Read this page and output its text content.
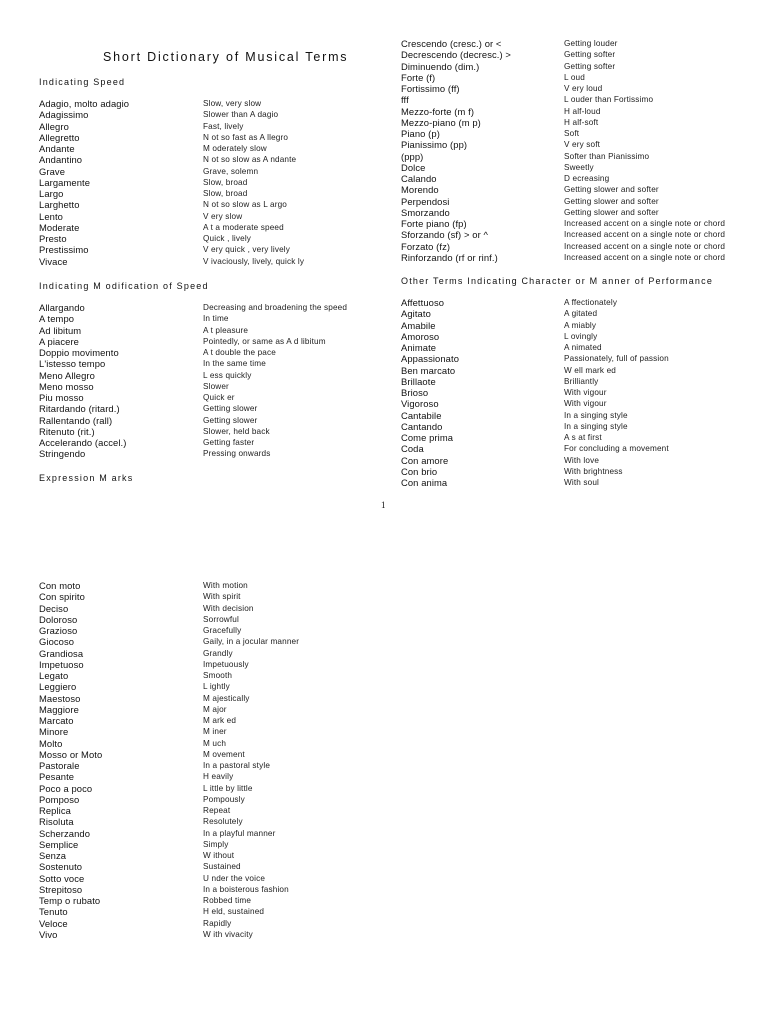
Short Dictionary of Musical Terms
Indicating Speed
Adagio, molto adagio	Slow, very slow
Adagissimo	Slower than A dagio
Allegro	Fast, lively
Allegretto	N ot so fast as A llegro
Andante	M oderately slow
Andantino	N ot so slow as A ndante
Grave	Grave, solemn
Largamente	Slow, broad
Largo	Slow, broad
Larghetto	N ot so slow as L argo
Lento	V ery slow
Moderate	A t a moderate speed
Presto	Quick , lively
Prestissimo	V ery quick , very lively
Vivace	V ivaciously, lively, quick ly
Indicating M odification of Speed
Allargando	Decreasing and broadening the speed
A tempo	In time
Ad libitum	A t pleasure
A piacere	Pointedly, or same as A d libitum
Doppio movimento	A t double the pace
L'istesso tempo	In the same time
Meno Allegro	L ess quickly
Meno mosso	Slower
Piu mosso	Quick er
Ritardando (ritard.)	Getting slower
Rallentando (rall)	Getting slower
Ritenuto (rit.)	Slower, held back
Accelerando (accel.)	Getting faster
Stringendo	Pressing onwards
Expression M arks
Crescendo (cresc.) or <	Getting louder
Decrescendo (decresc.) >	Getting softer
Diminuendo (dim.)	Getting softer
Forte (f)	L oud
Fortissimo (ff)	V ery loud
fff	L ouder than Fortissimo
Mezzo-forte (m f)	H alf-loud
Mezzo-piano (m p)	H alf-soft
Piano (p)	Soft
Pianissimo (pp)	V ery soft
(ppp)	Softer than Pianissimo
Dolce	Sweetly
Calando	D ecreasing
Morendo	Getting slower and softer
Perpendosi	Getting slower and softer
Smorzando	Getting slower and softer
Forte piano (fp)	Increased accent on a single note or chord
Sforzando (sf) > or ^	Increased accent on a single note or chord
Forzato (fz)	Increased accent on a single note or chord
Rinforzando (rf or rinf.)	Increased accent on a single note or chord
Other Terms Indicating Character or M anner of Performance
Affettuoso	A ffectionately
Agitato	A gitated
Amabile	A miably
Amoroso	L ovingly
Animate	A nimated
Appassionato	Passionately, full of passion
Ben marcato	W ell mark ed
Brillaote	Brilliantly
Brioso	With vigour
Vigoroso	With vigour
Cantabile	In a singing style
Cantando	In a singing style
Come prima	A s at first
Coda	For concluding a movement
Con amore	With love
Con brio	With brightness
Con anima	With soul
1
Con moto	With motion
Con spirito	With spirit
Deciso	With decision
Doloroso	Sorrowful
Grazioso	Gracefully
Giocoso	Gaily, in a jocular manner
Grandiosa	Grandly
Impetuoso	Impetuously
Legato	Smooth
Leggiero	L ightly
Maestoso	M ajestically
Maggiore	M ajor
Marcato	M ark ed
Minore	M iner
Molto	M uch
Mosso or Moto	M ovement
Pastorale	In a pastoral style
Pesante	H eavily
Poco a poco	L ittle by little
Pomposo	Pompously
Replica	Repeat
Risoluta	Resolutely
Scherzando	In a playful manner
Semplice	Simply
Senza	W ithout
Sostenuto	Sustained
Sotto voce	U nder the voice
Strepitoso	In a boisterous fashion
Temp o rubato	Robbed time
Tenuto	H eld, sustained
Veloce	Rapidly
Vivo	W ith vivacity
